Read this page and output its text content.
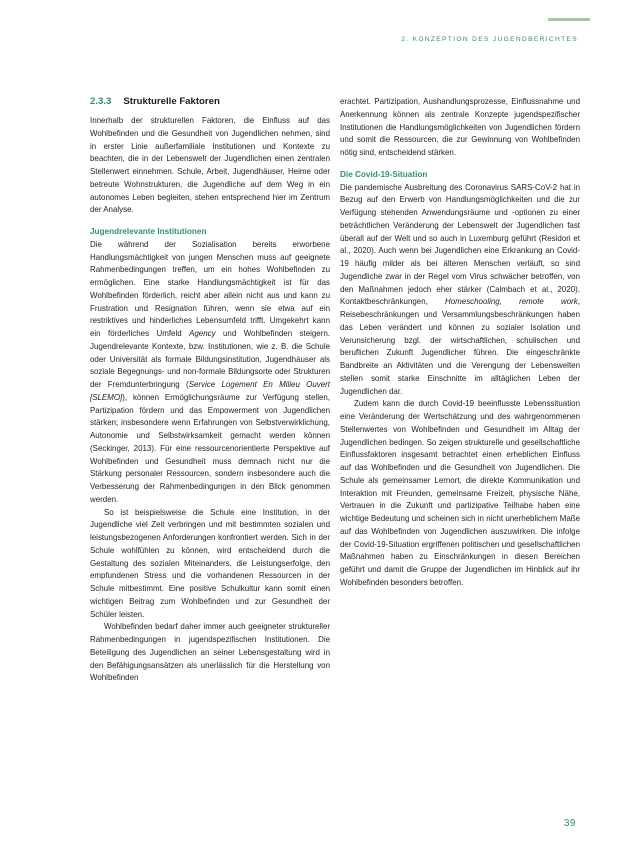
2. KONZEPTION DES JUGENDBERICHTES
2.3.3 Strukturelle Faktoren

Innerhalb der strukturellen Faktoren, die Einfluss auf das Wohlbefinden und die Gesundheit von Jugendlichen nehmen, sind in erster Linie außerfamiliale Institutionen und Kontexte zu beachten, die in der Lebenswelt der Jugendlichen einen zentralen Stellenwert einnehmen. Schule, Arbeit, Jugendhäuser, Heime oder betreute Wohnstrukturen, die Jugendliche auf dem Weg in ein autonomes Leben begleiten, stehen entsprechend hier im Zentrum der Analyse.

Jugendrelevante Institutionen

Die während der Sozialisation bereits erworbene Handlungsmächtigkeit von jungen Menschen muss auf geeignete Rahmenbedingungen treffen, um ein hohes Wohlbefinden zu ermöglichen. Eine starke Handlungsmächtigkeit ist für das Wohlbefinden förderlich, reicht aber allein nicht aus und kann zu Frustration und Resignation führen, wenn sie etwa auf ein restriktives und hinderliches Lebensumfeld trifft. Umgekehrt kann ein förderliches Umfeld Agency und Wohlbefinden steigern. Jugendrelevante Kontexte, bzw. Institutionen, wie z. B. die Schule oder Universität als formale Bildungsinstitution, Jugendhäuser als soziale Begegnungs- und non-formale Bildungsorte oder Strukturen der Fremdunterbringung (Service Logement En Milieu Ouvert [SLEMO]), können Ermöglichungsräume zur Verfügung stellen, Partizipation fördern und das Empowerment von Jugendlichen stärken; insbesondere wenn Erfahrungen von Selbstverwirklichung, Autonomie und Selbstwirksamkeit gemacht werden können (Seckinger, 2013). Für eine ressourcenorientierte Perspektive auf Wohlbefinden und Gesundheit muss demnach nicht nur die Stärkung personaler Ressourcen, sondern insbesondere auch die Verbesserung der Rahmenbedingungen in den Blick genommen werden.

So ist beispielsweise die Schule eine Institution, in der Jugendliche viel Zeit verbringen und mit bestimmten sozialen und leistungsbezogenen Anforderungen konfrontiert werden. Sich in der Schule wohlfühlen zu können, wird entscheidend durch die Gestaltung des sozialen Miteinanders, die Leistungserfolge, den empfundenen Stress und die vorhandenen Ressourcen in der Schule mitbestimmt. Eine positive Schulkultur kann somit einen wichtigen Beitrag zum Wohlbefinden und zur Gesundheit der Schüler leisten.

Wohlbefinden bedarf daher immer auch geeigneter struktureller Rahmenbedingungen in jugendspezifischen Institutionen. Die Beteiligung des Jugendlichen an seiner Lebensgestaltung wird in den Befähigungsansätzen als unerlässlich für die Herstellung von Wohlbefinden

erachtet. Partizipation, Aushandlungsprozesse, Einflussnahme und Anerkennung können als zentrale Konzepte jugendspezifischer Institutionen die Handlungsmöglichkeiten von Jugendlichen fördern und somit die Ressourcen, die zur Gewinnung von Wohlbefinden nötig sind, entscheidend stärken.

Die Covid-19-Situation

Die pandemische Ausbreitung des Coronavirus SARS-CoV-2 hat in Bezug auf den Erwerb von Handlungsmöglichkeiten und die zur Verfügung stehenden Anwendungsräume und -optionen zu einer beträchtlichen Veränderung der Lebenswelt der Jugendlichen fast überall auf der Welt und so auch in Luxemburg geführt (Residori et al., 2020). Auch wenn bei Jugendlichen eine Erkrankung an Covid-19 häufig milder als bei älteren Menschen verläuft, so sind Jugendliche zwar in der Regel vom Virus schwächer betroffen, von den Maßnahmen jedoch eher stärker (Calmbach et al., 2020). Kontaktbeschränkungen, Homeschooling, remote work, Reisebeschränkungen und Versammlungsbeschränkungen haben das Leben verändert und können zu sozialer Isolation und Verunsicherung bzgl. der wirtschaftlichen, schulischen und beruflichen Zukunft Jugendlicher führen. Die eingeschränkte Bandbreite an Aktivitäten und die Verengung der Lebenswelten stellen somit starke Einschnitte im alltäglichen Leben der Jugendlichen dar.

Zudem kann die durch Covid-19 beeinflusste Lebenssituation eine Veränderung der Wertschätzung und des wahrgenommenen Stellenwertes von Wohlbefinden und Gesundheit im Alltag der Jugendlichen bedingen. So zeigen strukturelle und gesellschaftliche Einflussfaktoren insgesamt betrachtet einen erheblichen Einfluss auf das Wohlbefinden und die Gesundheit von Jugendlichen. Die Schule als gemeinsamer Lernort, die direkte Kommunikation und Interaktion mit Freunden, gemeinsame Freizeit, physische Nähe, Vertrauen in die Zukunft und partizipative Teilhabe haben eine wichtige Bedeutung und scheinen sich in nicht unerheblichem Maße auf das Wohlbefinden von Jugendlichen auszuwirken. Die infolge der Covid-19-Situation ergriffenen politischen und gesellschaftlichen Maßnahmen haben zu Einschränkungen in diesen Bereichen geführt und damit die Gruppe der Jugendlichen im Hinblick auf ihr Wohlbefinden besonders betroffen.

39
